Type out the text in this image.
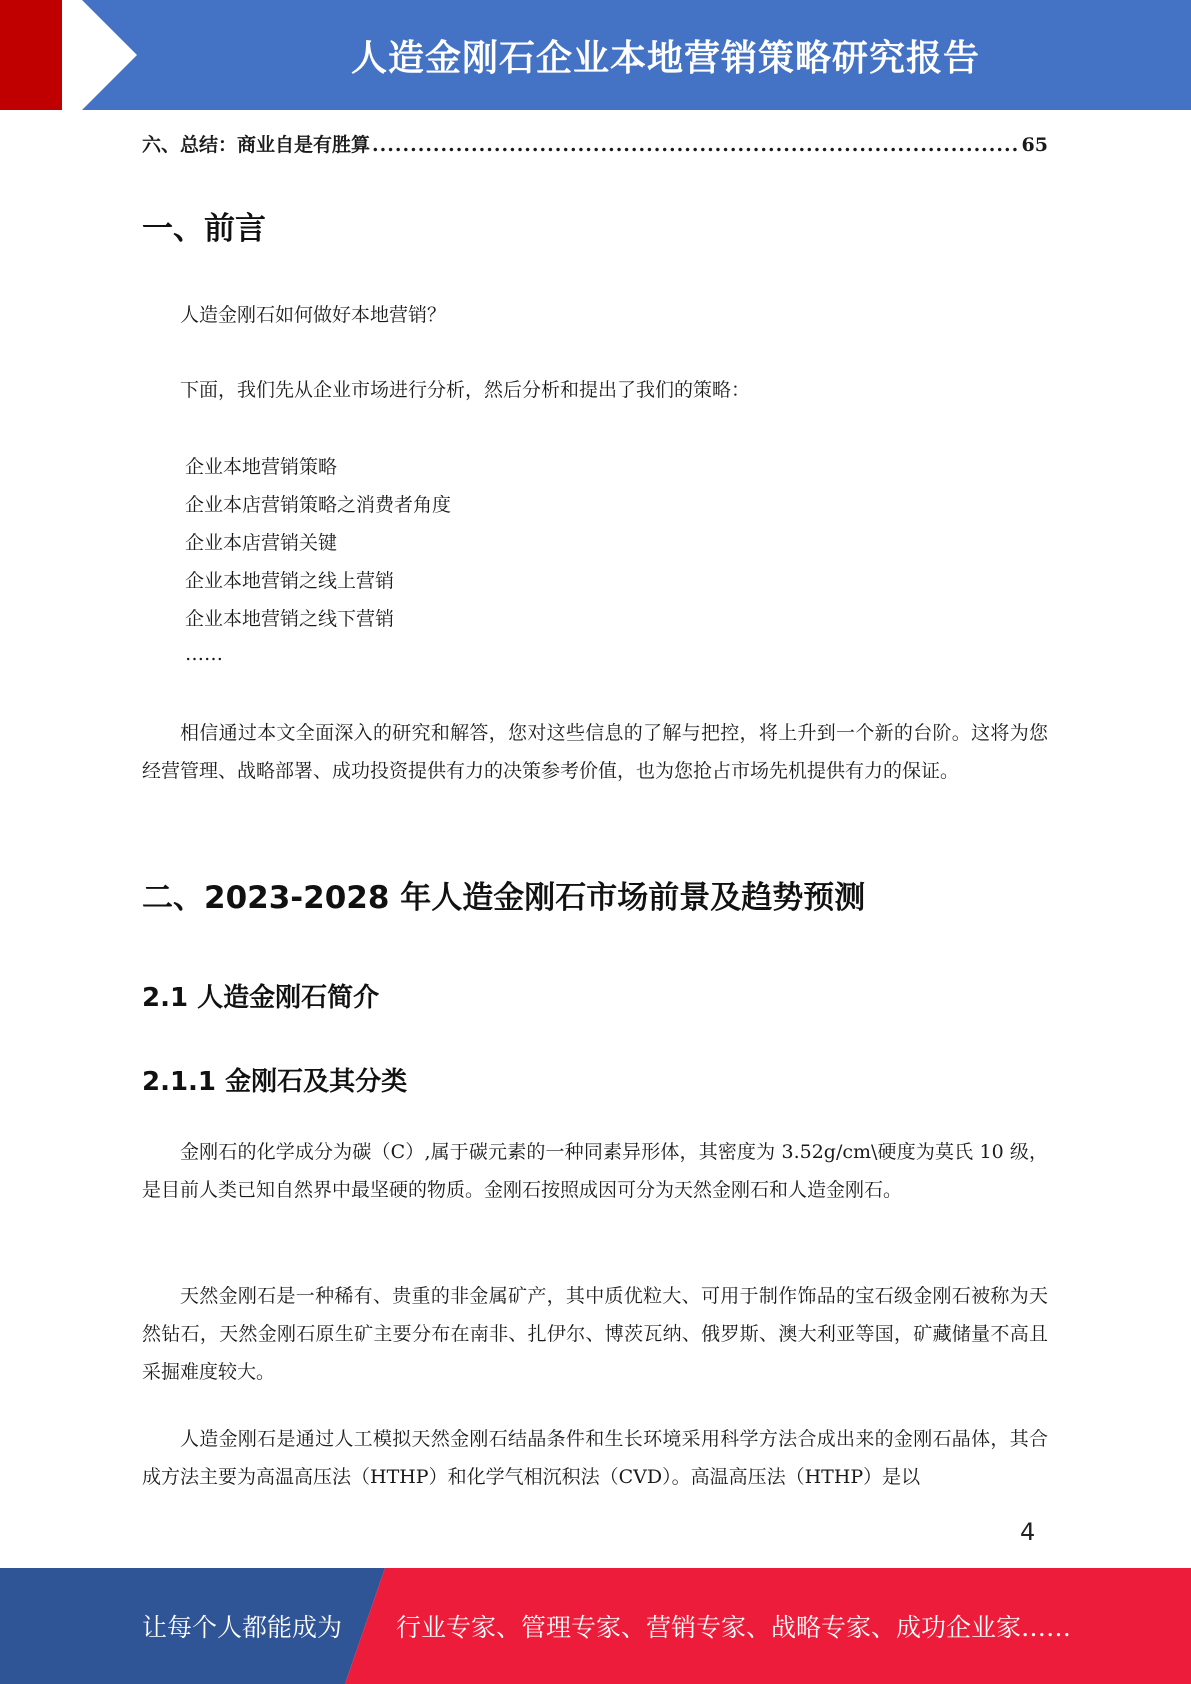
人造金刚石企业本地营销策略研究报告
六、总结：商业自是有胜算
.....	65
一、前言
人造金刚石如何做好本地营销？
下面，我们先从企业市场进行分析，然后分析和提出了我们的策略：
企业本地营销策略
企业本店营销策略之消费者角度
企业本店营销关键
企业本地营销之线上营销
企业本地营销之线下营销
……
相信通过本文全面深入的研究和解答，您对这些信息的了解与把控，将上升到一个新的台阶。这将为您经营管理、战略部署、成功投资提供有力的决策参考价值，也为您抢占市场先机提供有力的保证。
二、2023-2028 年人造金刚石市场前景及趋势预测
2.1 人造金刚石简介
2.1.1 金刚石及其分类
金刚石的化学成分为碳（C）,属于碳元素的一种同素异形体，其密度为 3.52g/cm\硬度为莫氏 10 级，是目前人类已知自然界中最坚硬的物质。金刚石按照成因可分为天然金刚石和人造金刚石。
天然金刚石是一种稀有、贵重的非金属矿产，其中质优粒大、可用于制作饰品的宝石级金刚石被称为天然钻石，天然金刚石原生矿主要分布在南非、扎伊尔、博茨瓦纳、俄罗斯、澳大利亚等国，矿藏储量不高且采掘难度较大。
人造金刚石是通过人工模拟天然金刚石结晶条件和生长环境采用科学方法合成出来的金刚石晶体，其合成方法主要为高温高压法（HTHP）和化学气相沉积法（CVD）。高温高压法（HTHP）是以
4
让每个人都能成为 行业专家、管理专家、营销专家、战略专家、成功企业家……
